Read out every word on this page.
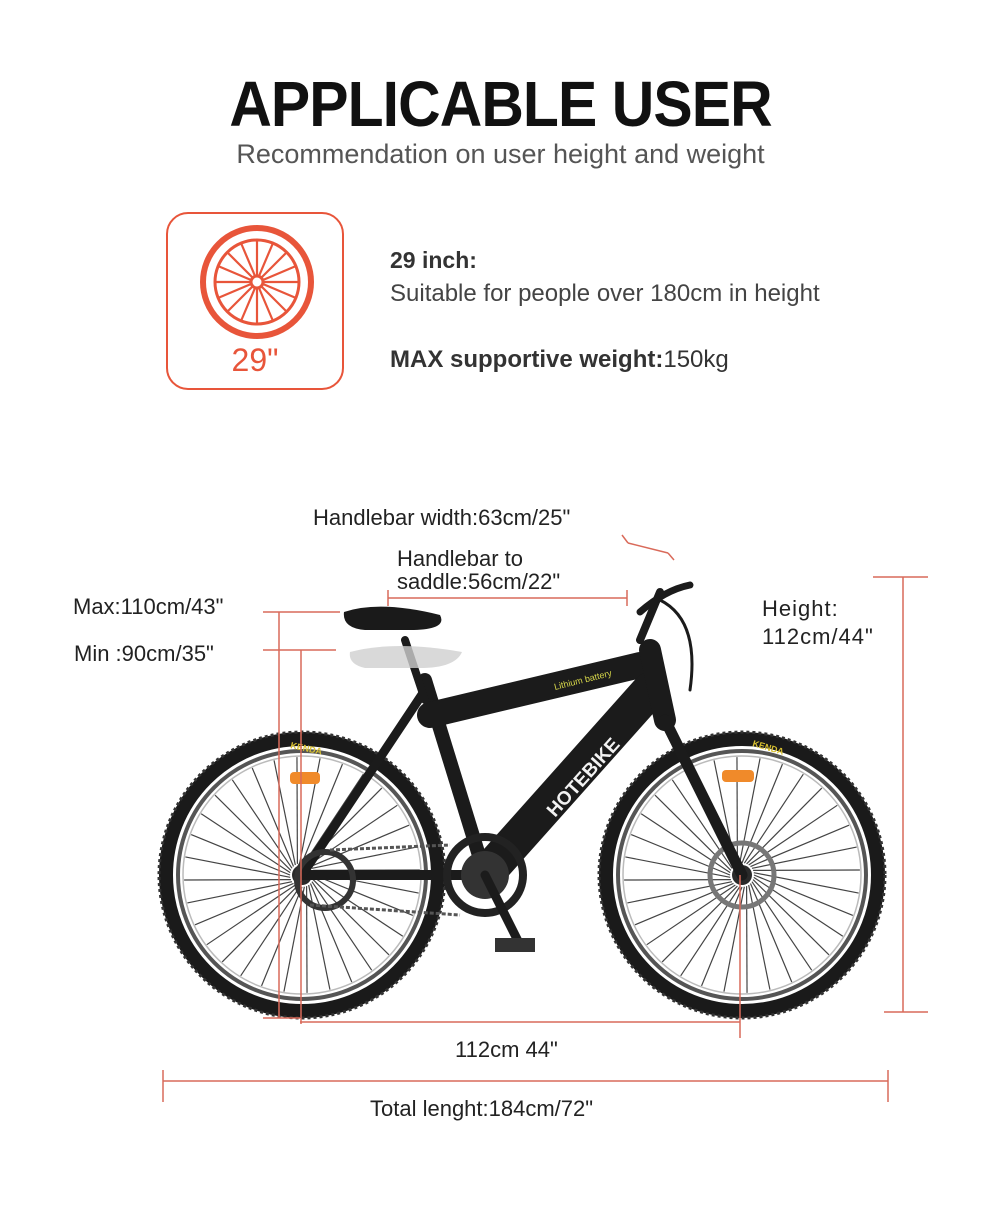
APPLICABLE USER
Recommendation on user height and weight
29"
29 inch:
Suitable for people over 180cm in height
MAX supportive weight:150kg
HOTEBIKE
Lithium battery
KENDA	KENDA
Handlebar width:63cm/25"
Handlebar to
saddle:56cm/22"
Max:110cm/43"
Min :90cm/35"
Height:
112cm/44"
112cm 44"
Total lenght:184cm/72"
